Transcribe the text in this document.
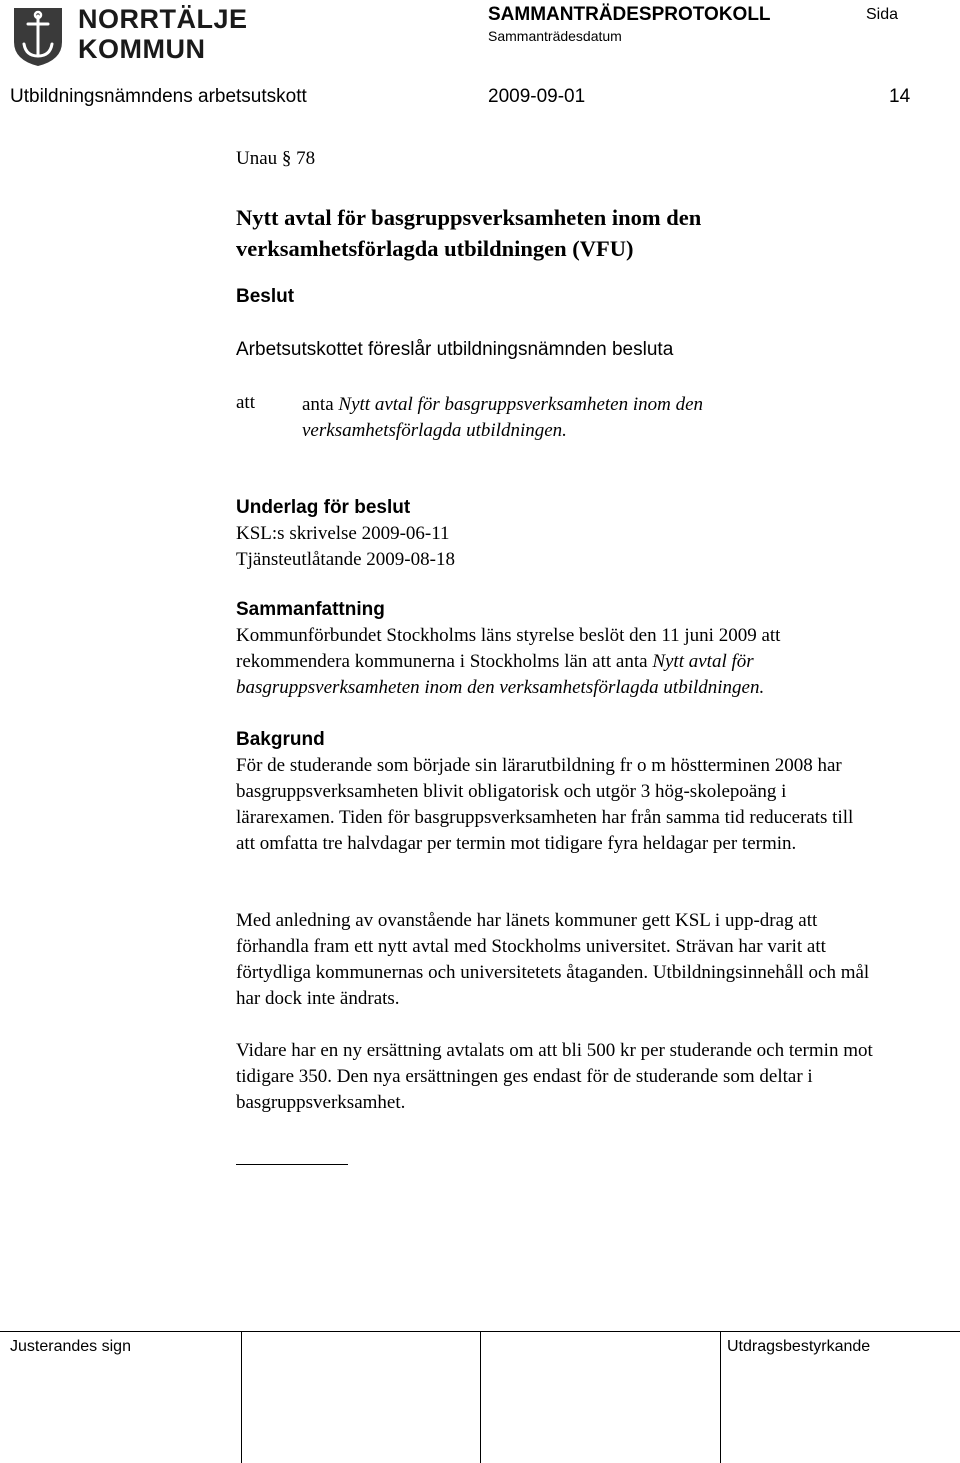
NORRTÄLJE
KOMMUN
SAMMANTRÄDESPROTOKOLL
Sammanträdesdatum
Sida
Utbildningsnämndens arbetsutskott	2009-09-01	14
Unau § 78
Nytt avtal för basgruppsverksamheten inom den verksamhetsförlagda utbildningen (VFU)
Beslut
Arbetsutskottet föreslår utbildningsnämnden besluta
att anta Nytt avtal för basgruppsverksamheten inom den verksamhetsförlagda utbildningen.
Underlag för beslut
KSL:s skrivelse 2009-06-11
Tjänsteutlåtande 2009-08-18
Sammanfattning
Kommunförbundet Stockholms läns styrelse beslöt den 11 juni 2009 att rekommendera kommunerna i Stockholms län att anta Nytt avtal för basgruppsverksamheten inom den verksamhetsförlagda utbildningen.
Bakgrund
För de studerande som började sin lärarutbildning fr o m höstterminen 2008 har basgruppsverksamheten blivit obligatorisk och utgör 3 hög-skolepoäng i lärarexamen. Tiden för basgruppsverksamheten har från samma tid reducerats till att omfatta tre halvdagar per termin mot tidigare fyra heldagar per termin.
Med anledning av ovanstående har länets kommuner gett KSL i upp-drag att förhandla fram ett nytt avtal med Stockholms universitet. Strävan har varit att förtydliga kommunernas och universitetets åtaganden. Utbildningsinnehåll och mål har dock inte ändrats.
Vidare har en ny ersättning avtalats om att bli 500 kr per studerande och termin mot tidigare 350. Den nya ersättningen ges endast för de studerande som deltar i basgruppsverksamhet.
Justerandes sign	Utdragsbestyrkande
